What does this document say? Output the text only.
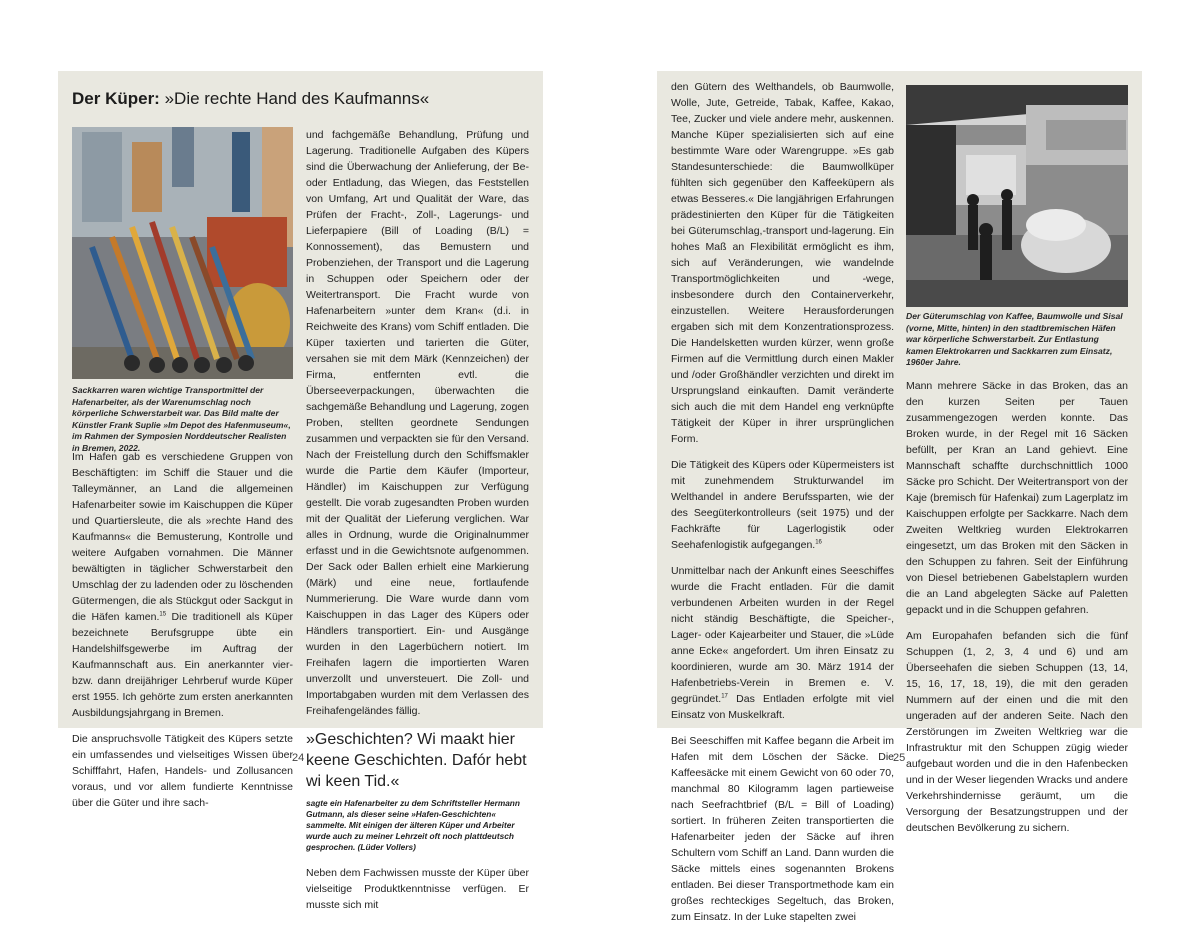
Der Küper: »Die rechte Hand des Kaufmanns«
Sackkarren waren wichtige Transportmittel der Hafenarbeiter, als der Warenumschlag noch körperliche Schwerstarbeit war. Das Bild malte der Künstler Frank Suplie »Im Depot des Hafenmuseum«, im Rahmen der Symposien Norddeutscher Realisten in Bremen, 2022.

Im Hafen gab es verschiedene Gruppen von Beschäftigten: im Schiff die Stauer und die Talleymänner, an Land die allgemeinen Hafenarbeiter sowie im Kaischuppen die Küper und Quartiersleute, die als »rechte Hand des Kaufmanns« die Bemusterung, Kontrolle und weitere Aufgaben vornahmen. Die Männer bewältigten in täglicher Schwerstarbeit den Umschlag der zu ladenden oder zu löschenden Gütermengen, die als Stückgut oder Sackgut in die Häfen kamen.$^{15}$ Die traditionell als Küper bezeichnete Berufsgruppe übte ein Handelshilfsgewerbe im Auftrag der Kaufmannschaft aus. Ein anerkannter vier- bzw. dann dreijähriger Lehrberuf wurde Küper erst 1955. Ich gehörte zum ersten anerkannten Ausbildungsjahrgang in Bremen.

Die anspruchsvolle Tätigkeit des Küpers setzte ein umfassendes und vielseitiges Wissen über Schifffahrt, Hafen, Handels- und Zollusancen voraus, und vor allem fundierte Kenntnisse über die Güter und ihre sach-

und fachgemäße Behandlung, Prüfung und Lagerung. Traditionelle Aufgaben des Küpers sind die Überwachung der Anlieferung, der Be- oder Entladung, das Wiegen, das Feststellen von Umfang, Art und Qualität der Ware, das Prüfen der Fracht-, Zoll-, Lagerungs- und Lieferpapiere (Bill of Loading (B/L) = Konnossement), das Bemustern und Probenziehen, der Transport und die Lagerung in Schuppen oder Speichern oder der Weitertransport. Die Fracht wurde von Hafenarbeitern »unter dem Kran« (d.i. in Reichweite des Krans) vom Schiff entladen. Die Küper taxierten und tarierten die Güter, versahen sie mit dem Märk (Kennzeichen) der Firma, entfernten evtl. die Überseeverpackungen, überwachten die sachgemäße Behandlung und Lagerung, zogen Proben, stellten geordnete Sendungen zusammen und verpackten sie für den Versand. Nach der Freistellung durch den Schiffsmakler wurde die Partie dem Käufer (Importeur, Händler) im Kaischuppen zur Verfügung gestellt. Die vorab zugesandten Proben wurden mit der Qualität der Lieferung verglichen. War alles in Ordnung, wurde die Originalnummer erfasst und in die Gewichtsnote aufgenommen. Der Sack oder Ballen erhielt eine Markierung (Märk) und eine neue, fortlaufende Nummerierung. Die Ware wurde dann vom Kaischuppen in das Lager des Küpers oder Händlers transportiert. Ein- und Ausgänge wurden in den Lagerbüchern notiert. Im Freihafen lagern die importierten Waren unverzollt und unversteuert. Die Zoll- und Importabgaben wurden mit dem Verlassen des Freihafengeländes fällig.

»Geschichten? Wi maakt hier keene Geschichten. Dafór hebt wi keen Tid.«
sagte ein Hafenarbeiter zu dem Schriftsteller Hermann Gutmann, als dieser seine »Hafen-Geschichten« sammelte. Mit einigen der älteren Küper und Arbeiter wurde auch zu meiner Lehrzeit oft noch plattdeutsch gesprochen. (Lüder Vollers)

Neben dem Fachwissen musste der Küper über vielseitige Produktkenntnisse verfügen. Er musste sich mit

24

den Gütern des Welthandels, ob Baumwolle, Wolle, Jute, Getreide, Tabak, Kaffee, Kakao, Tee, Zucker und viele andere mehr, auskennen. Manche Küper spezialisierten sich auf eine bestimmte Ware oder Warengruppe. »Es gab Standesunterschiede: die Baumwollküper fühlten sich gegenüber den Kaffeeküpern als etwas Besseres.« Die langjährigen Erfahrungen prädestinierten den Küper für die Tätigkeiten bei Güterumschlag,-transport und-lagerung. Ein hohes Maß an Flexibilität ermöglicht es ihm, sich auf Veränderungen, wie wandelnde Transportmöglichkeiten und -wege, insbesondere durch den Containerverkehr, einzustellen. Weitere Herausforderungen ergaben sich mit dem Konzentrationsprozess. Die Handelsketten wurden kürzer, wenn große Firmen auf die Vermittlung durch einen Makler und /oder Großhändler verzichten und direkt im Ursprungsland einkauften. Damit veränderte sich auch die mit dem Handel eng verknüpfte Tätigkeit der Küper in ihrer ursprünglichen Form.

Die Tätigkeit des Küpers oder Küpermeisters ist mit zunehmendem Strukturwandel im Welthandel in andere Berufssparten, wie der des Seegüterkontrolleurs (seit 1975) und der Fachkräfte für Lagerlogistik oder Seehafenlogistik aufgegangen.$^{16}$

Unmittelbar nach der Ankunft eines Seeschiffes wurde die Fracht entladen. Für die damit verbundenen Arbeiten wurden in der Regel nicht ständig Beschäftigte, die Speicher-, Lager- oder Kajearbeiter und Stauer, die »Lüde anne Ecke« angefordert. Um ihren Einsatz zu koordinieren, wurde am 30. März 1914 der Hafenbetriebs-Verein in Bremen e. V. gegründet.$^{17}$ Das Entladen erfolgte mit viel Einsatz von Muskelkraft.

Bei Seeschiffen mit Kaffee begann die Arbeit im Hafen mit dem Löschen der Säcke. Die Kaffeesäcke mit einem Gewicht von 60 oder 70, manchmal 80 Kilogramm lagen partieweise nach Seefrachtbrief (B/L = Bill of Loading) sortiert. In früheren Zeiten transportierten die Hafenarbeiter jeden der Säcke auf ihren Schultern vom Schiff an Land. Dann wurden die Säcke mittels eines sogenannten Brokens entladen. Bei dieser Transportmethode kam ein großes rechteckiges Segeltuch, das Broken, zum Einsatz. In der Luke stapelten zwei

Der Güterumschlag von Kaffee, Baumwolle und Sisal (vorne, Mitte, hinten) in den stadtbremischen Häfen war körperliche Schwerstarbeit. Zur Entlastung kamen Elektrokarren und Sackkarren zum Einsatz, 1960er Jahre.

Mann mehrere Säcke in das Broken, das an den kurzen Seiten per Tauen zusammengezogen werden konnte. Das Broken wurde, in der Regel mit 16 Säcken befüllt, per Kran an Land gehievt. Eine Mannschaft schaffte durchschnittlich 1000 Säcke pro Schicht. Der Weitertransport von der Kaje (bremisch für Hafenkai) zum Lagerplatz im Kaischuppen erfolgte per Sackkarre. Nach dem Zweiten Weltkrieg wurden Elektrokarren eingesetzt, um das Broken mit den Säcken in den Schuppen zu fahren. Seit der Einführung von Diesel betriebenen Gabelstaplern wurden die an Land abgelegten Säcke auf Paletten gepackt und in die Schuppen gefahren.

Am Europahafen befanden sich die fünf Schuppen (1, 2, 3, 4 und 6) und am Überseehafen die sieben Schuppen (13, 14, 15, 16, 17, 18, 19), die mit den geraden Nummern auf der einen und die mit den ungeraden auf der anderen Seite. Nach den Zerstörungen im Zweiten Weltkrieg war die Infrastruktur mit den Schuppen zügig wieder aufgebaut worden und die in den Hafenbecken und in der Weser liegenden Wracks und andere Verkehrshindernisse geräumt, um die Versorgung der Besatzungstruppen und der deutschen Bevölkerung zu sichern.

25
